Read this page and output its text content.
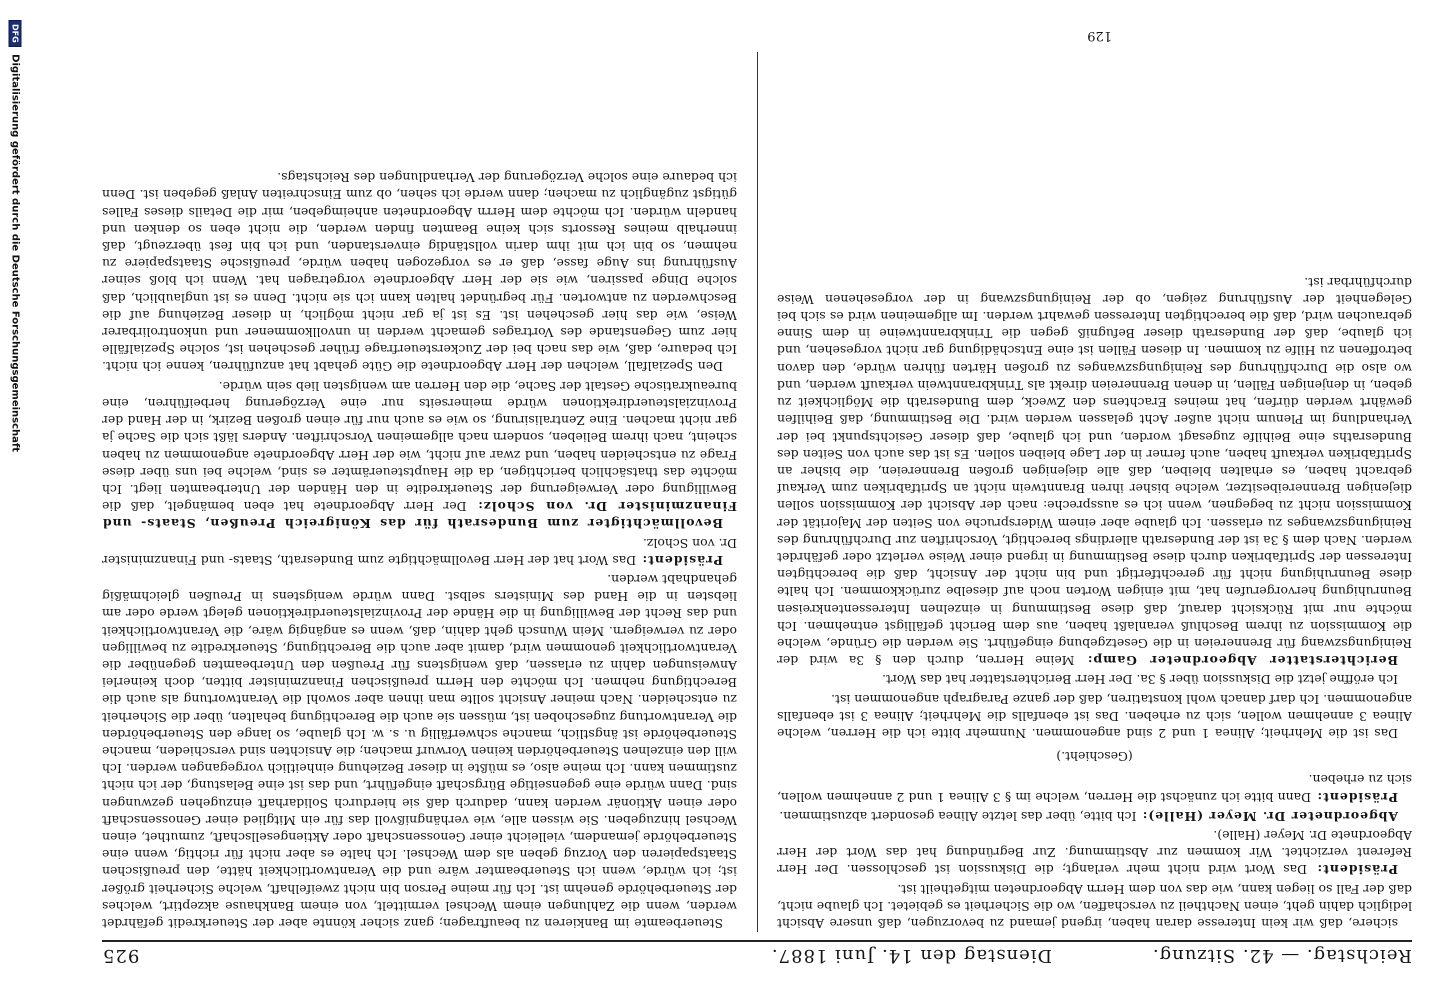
DFG Digitalisierung gefördert durch die Deutsche Forschungsgemeinschaft
Reichstag. — 42. Sitzung.
Dienstag den 14. Juni 1887.
925

sichere, daß wir kein Interesse daran haben, irgend jemand zu bevorzugen, daß unsere Absicht lediglich dahin geht, einen Nachtheil zu verschaffen, wo die Sicherheit es gebietet. Ich glaube nicht, daß der Fall so liegen kann, wie das von dem Herrn Abgeordneten mitgetheilt ist.

Präsident: Das Wort wird nicht mehr verlangt; die Diskussion ist geschlossen. Der Herr Referent verzichtet. Wir kommen zur Abstimmung. Zur Begründung hat das Wort der Herr Abgeordnete Dr. Meyer (Halle).

Abgeordneter Dr. Meyer (Halle): Ich bitte, über das letzte Alinea gesondert abzustimmen.

Präsident: Dann bitte ich zunächst die Herren, welche im § 3 Alinea 1 und 2 annehmen wollen, sich zu erheben.

(Geschieht.)

Das ist die Mehrheit; Alinea 1 und 2 sind angenommen. Nunmehr bitte ich die Herren, welche Alinea 3 annehmen wollen, sich zu erheben. Das ist ebenfalls die Mehrheit; Alinea 3 ist ebenfalls angenommen. Ich darf danach wohl konstatiren, daß der ganze Paragraph angenommen ist.

Ich eröffne jetzt die Diskussion über § 3a. Der Herr Berichterstatter hat das Wort.

Berichterstatter Abgeordneter Gamp: Meine Herren, durch den § 3a wird der Reinigungszwang für Brennereien in die Gesetzgebung eingeführt. Sie werden die Gründe, welche die Kommission zu ihrem Beschluß veranlaßt haben, aus dem Bericht gefälligst entnehmen. Ich möchte nur mit Rücksicht darauf, daß diese Bestimmung in einzelnen Interessentenkreisen Beunruhigung hervorgerufen hat, mit einigen Worten noch auf dieselbe zurückkommen. Ich halte diese Beunruhigung nicht für gerechtfertigt und bin nicht der Ansicht, daß die berechtigten Interessen der Spritfabriken durch diese Bestimmung in irgend einer Weise verletzt oder gefährdet werden. Nach dem § 3a ist der Bundesrath allerdings berechtigt, Vorschriften zur Durchführung des Reinigungszwanges zu erlassen. Ich glaube aber einem Widerspruche von Seiten der Majorität der Kommission nicht zu begegnen, wenn ich es ausspreche: nach der Absicht der Kommission sollen diejenigen Brennereibesitzer, welche bisher ihren Branntwein nicht an Spritfabriken zum Verkauf gebracht haben, es erhalten bleiben, daß alle diejenigen großen Brennereien, die bisher an Spritfabriken verkauft haben, auch ferner in der Lage bleiben sollen. Es ist das auch von Seiten des Bundesraths eine Beihilfe zugesagt worden, und ich glaube, daß dieser Gesichtspunkt bei der Verhandlung im Plenum nicht außer Acht gelassen werden wird. Die Bestimmung, daß Beihilfen gewährt werden dürfen, hat meines Erachtens den Zweck, dem Bundesrath die Möglichkeit zu geben, in denjenigen Fällen, in denen Brennereien direkt als Trinkbranntwein verkauft werden, und wo also die Durchführung des Reinigungszwanges zu großen Härten führen würde, den davon betroffenen zu Hilfe zu kommen. In diesen Fällen ist eine Entschädigung gar nicht vorgesehen, und ich glaube, daß der Bundesrath dieser Befugniß gegen die Trinkbranntweine in dem Sinne gebrauchen wird, daß die berechtigten Interessen gewahrt werden. Im allgemeinen wird es sich bei Gelegenheit der Ausführung zeigen, ob der Reinigungszwang in der vorgesehenen Weise durchführbar ist.

Steuerbeamte im Bankieren zu beauftragen; ganz sicher könnte aber der Steuerkredit gefährdet werden, wenn die Zahlungen einem Wechsel vermittelt, von einem Bankhause akzeptirt, welches der Steuerbehörde genehm ist. Ich für meine Person bin nicht zweifelhaft, welche Sicherheit größer ist; ich würde, wenn ich Steuerbeamter wäre und die Verantwortlichkeit hätte, den preußischen Staatspapieren den Vorzug geben als dem Wechsel. Ich halte es aber nicht für richtig, wenn eine Steuerbehörde jemandem, vielleicht einer Genossenschaft oder Aktiengesellschaft, zumuthet, einen Wechsel hinzugeben. Sie wissen alle, wie verhängnißvoll das für ein Mitglied einer Genossenschaft oder einen Aktionär werden kann, dadurch daß sie hierdurch Solidarhaft einzugehen gezwungen sind. Dann würde eine gegenseitige Bürgschaft eingeführt, und das ist eine Belastung, der ich nicht zustimmen kann. Ich meine also, es müßte in dieser Beziehung einheitlich vorgegangen werden. Ich will den einzelnen Steuerbehörden keinen Vorwurf machen; die Ansichten sind verschieden, manche Steuerbehörde ist ängstlich, manche schwerfällig u. s. w. Ich glaube, so lange den Steuerbehörden die Verantwortung zugeschoben ist, müssen sie auch die Berechtigung behalten, über die Sicherheit zu entscheiden. Nach meiner Ansicht sollte man ihnen aber sowohl die Verantwortung als auch die Berechtigung nehmen. Ich möchte den Herrn preußischen Finanzminister bitten, doch keinerlei Anweisungen dahin zu erlassen, daß wenigstens für Preußen den Unterbeamten gegenüber die Verantwortlichkeit genommen wird, damit aber auch die Berechtigung, Steuerkredite zu bewilligen oder zu verweigern. Mein Wunsch geht dahin, daß, wenn es angängig wäre, die Verantwortlichkeit und das Recht der Bewilligung in die Hände der Provinzialsteuerdirektionen gelegt werde oder am liebsten in die Hand des Ministers selbst. Dann würde wenigstens in Preußen gleichmäßig gehandhabt werden.

Präsident: Das Wort hat der Herr Bevollmächtigte zum Bundesrath, Staats- und Finanzminister Dr. von Scholz.

Bevollmächtigter zum Bundesrath für das Königreich Preußen, Staats- und Finanzminister Dr. von Scholz: Der Herr Abgeordnete hat eben bemängelt, daß die Bewilligung oder Verweigerung der Steuerkredite in den Händen der Unterbeamten liegt. Ich möchte das thatsächlich berichtigen, da die Hauptsteuerämter es sind, welche bei uns über diese Frage zu entscheiden haben, und zwar auf nicht, wie der Herr Abgeordnete angenommen zu haben scheint, nach ihrem Belieben, sondern nach allgemeinen Vorschriften. Anders läßt sich die Sache ja gar nicht machen. Eine Zentralisirung, so wie es auch nur für einen großen Bezirk, in der Hand der Provinzialsteuerdirektionen würde meinerseits nur eine Verzögerung herbeiführen, eine bureaukratische Gestalt der Sache, die den Herren am wenigsten lieb sein würde.

Den Spezialfall, welchen der Herr Abgeordnete die Güte gehabt hat anzuführen, kenne ich nicht. Ich bedaure, daß, wie das nach bei der Zuckersteuerfrage früher geschehen ist, solche Spezialfälle hier zum Gegenstande des Vortrages gemacht werden in unvollkommener und unkontrolirbarer Weise, wie das hier geschehen ist. Es ist ja gar nicht möglich, in dieser Beziehung auf die Beschwerden zu antworten. Für begründet halten kann ich sie nicht. Denn es ist unglaublich, daß solche Dinge passiren, wie sie der Herr Abgeordnete vorgetragen hat. Wenn ich bloß seiner Ausführung ins Auge fasse, daß er es vorgezogen haben würde, preußische Staatspapiere zu nehmen, so bin ich mit ihm darin vollständig einverstanden, und ich bin fest überzeugt, daß innerhalb meines Ressorts sich keine Beamten finden werden, die nicht eben so denken und handeln würden. Ich möchte dem Herrn Abgeordneten anheimgeben, mir die Details dieses Falles gütigst zugänglich zu machen; dann werde ich sehen, ob zum Einschreiten Anlaß gegeben ist. Denn ich bedaure eine solche Verzögerung der Verhandlungen des Reichstags.

129
